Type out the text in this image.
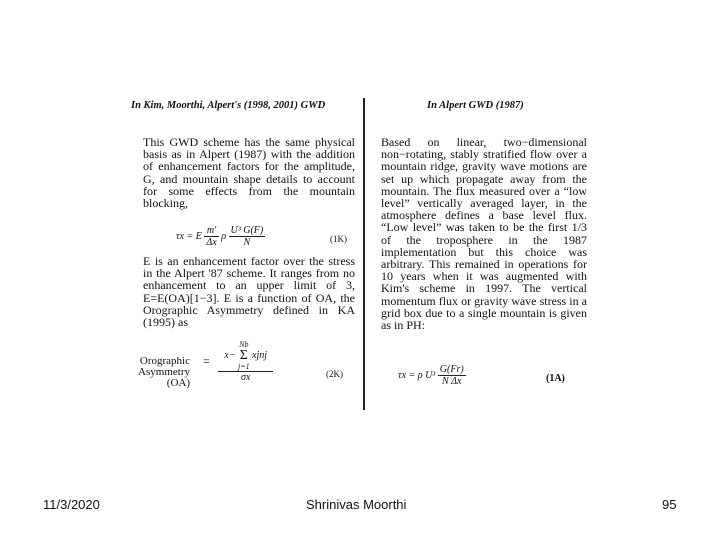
In Kim, Moorthi, Alpert's (1998, 2001) GWD	In Alpert GWD (1987)
This GWD scheme has the same physical basis as in Alpert (1987) with the addition of enhancement factors for the amplitude, G, and mountain shape details to account for some effects from the mountain blocking,
τx = E $\frac{m'}{\Delta x}$ ρ $\frac{\text{U³ G(F)}}{N}$	(1K)
E is an enhancement factor over the stress in the Alpert '87 scheme. It ranges from no enhancement to an upper limit of 3, E=E(OA)[1−3]. E is a function of OA, the Orographic Asymmetry defined in KA (1995) as
Orographic Asymmetry (OA)
=	x−
Nb
Σ
j=1
xjnj
σx	(2K)
Based on linear, two−dimensional non−rotating, stably stratified flow over a mountain ridge, gravity wave motions are set up which propagate away from the mountain. The flux measured over a “low level” vertically averaged layer, in the atmosphere defines a base level flux. “Low level” was taken to be the first 1/3 of the troposphere in the 1987 implementation but this choice was arbitrary. This remained in operations for 10 years when it was augmented with Kim's scheme in 1997. The vertical momentum flux or gravity wave stress in a grid box due to a single mountain is given as in PH:
τx = ρ $U^3 \frac{G(Fr)}{\text{N Δx}}$	(1A)
11/3/2020	Shrinivas Moorthi	95
